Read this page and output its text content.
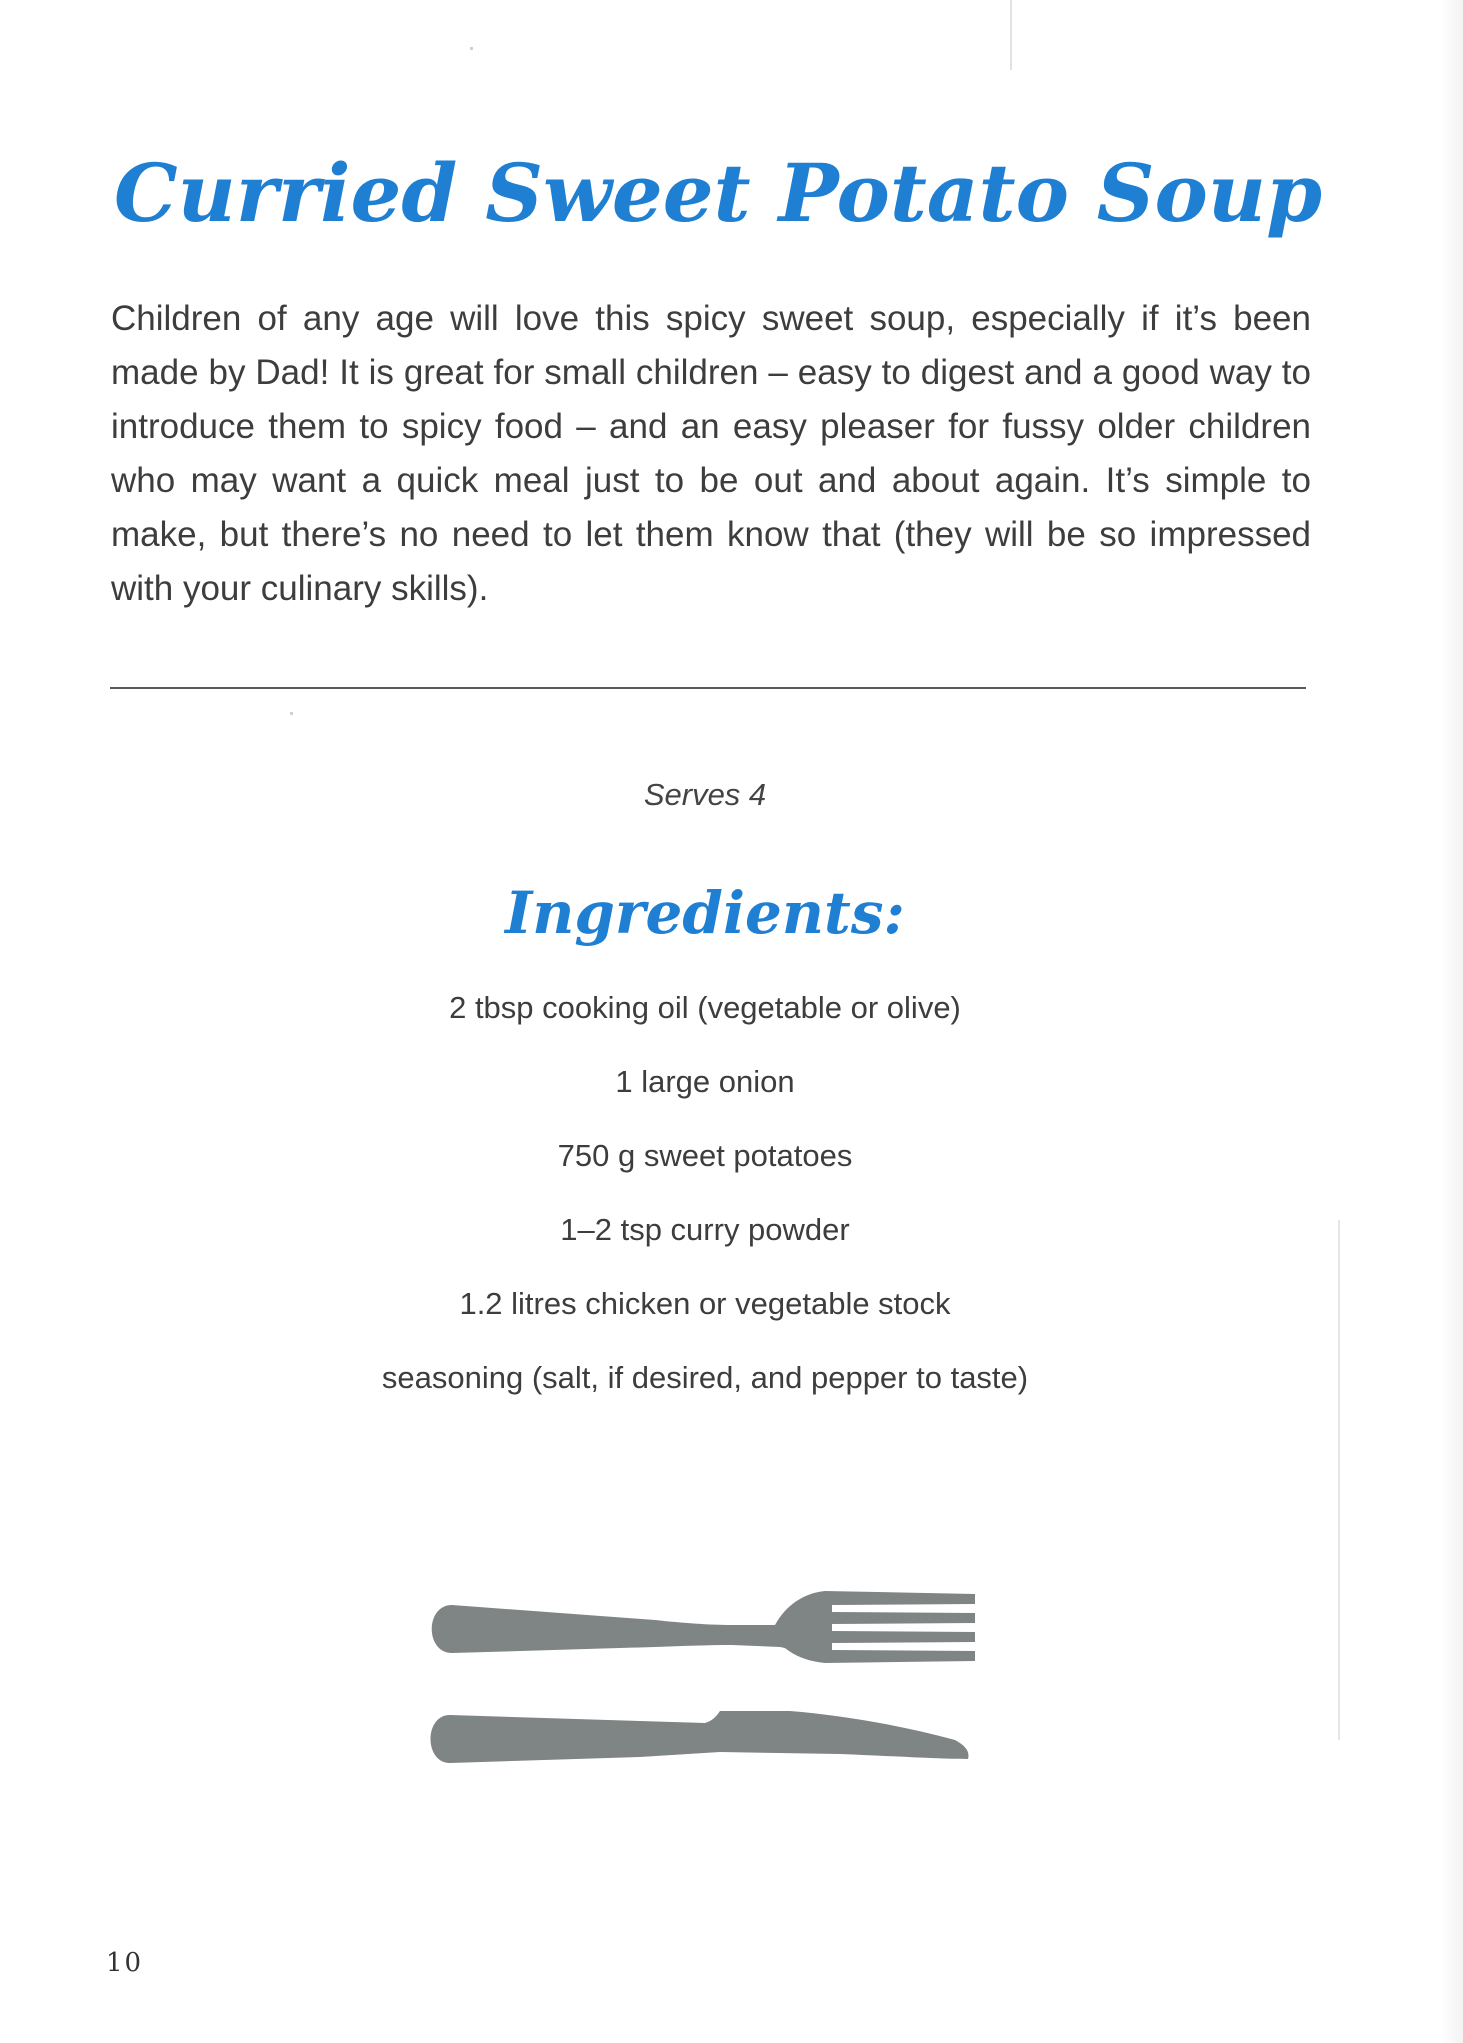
Curried Sweet Potato Soup

Children of any age will love this spicy sweet soup, especially if it’s been made by Dad! It is great for small children – easy to digest and a good way to introduce them to spicy food – and an easy pleaser for fussy older children who may want a quick meal just to be out and about again. It’s simple to make, but there’s no need to let them know that (they will be so impressed with your culinary skills).

Serves 4
Ingredients:
2 tbsp cooking oil (vegetable or olive)
1 large onion
750 g sweet potatoes
1–2 tsp curry powder
1.2 litres chicken or vegetable stock
seasoning (salt, if desired, and pepper to taste)
10
